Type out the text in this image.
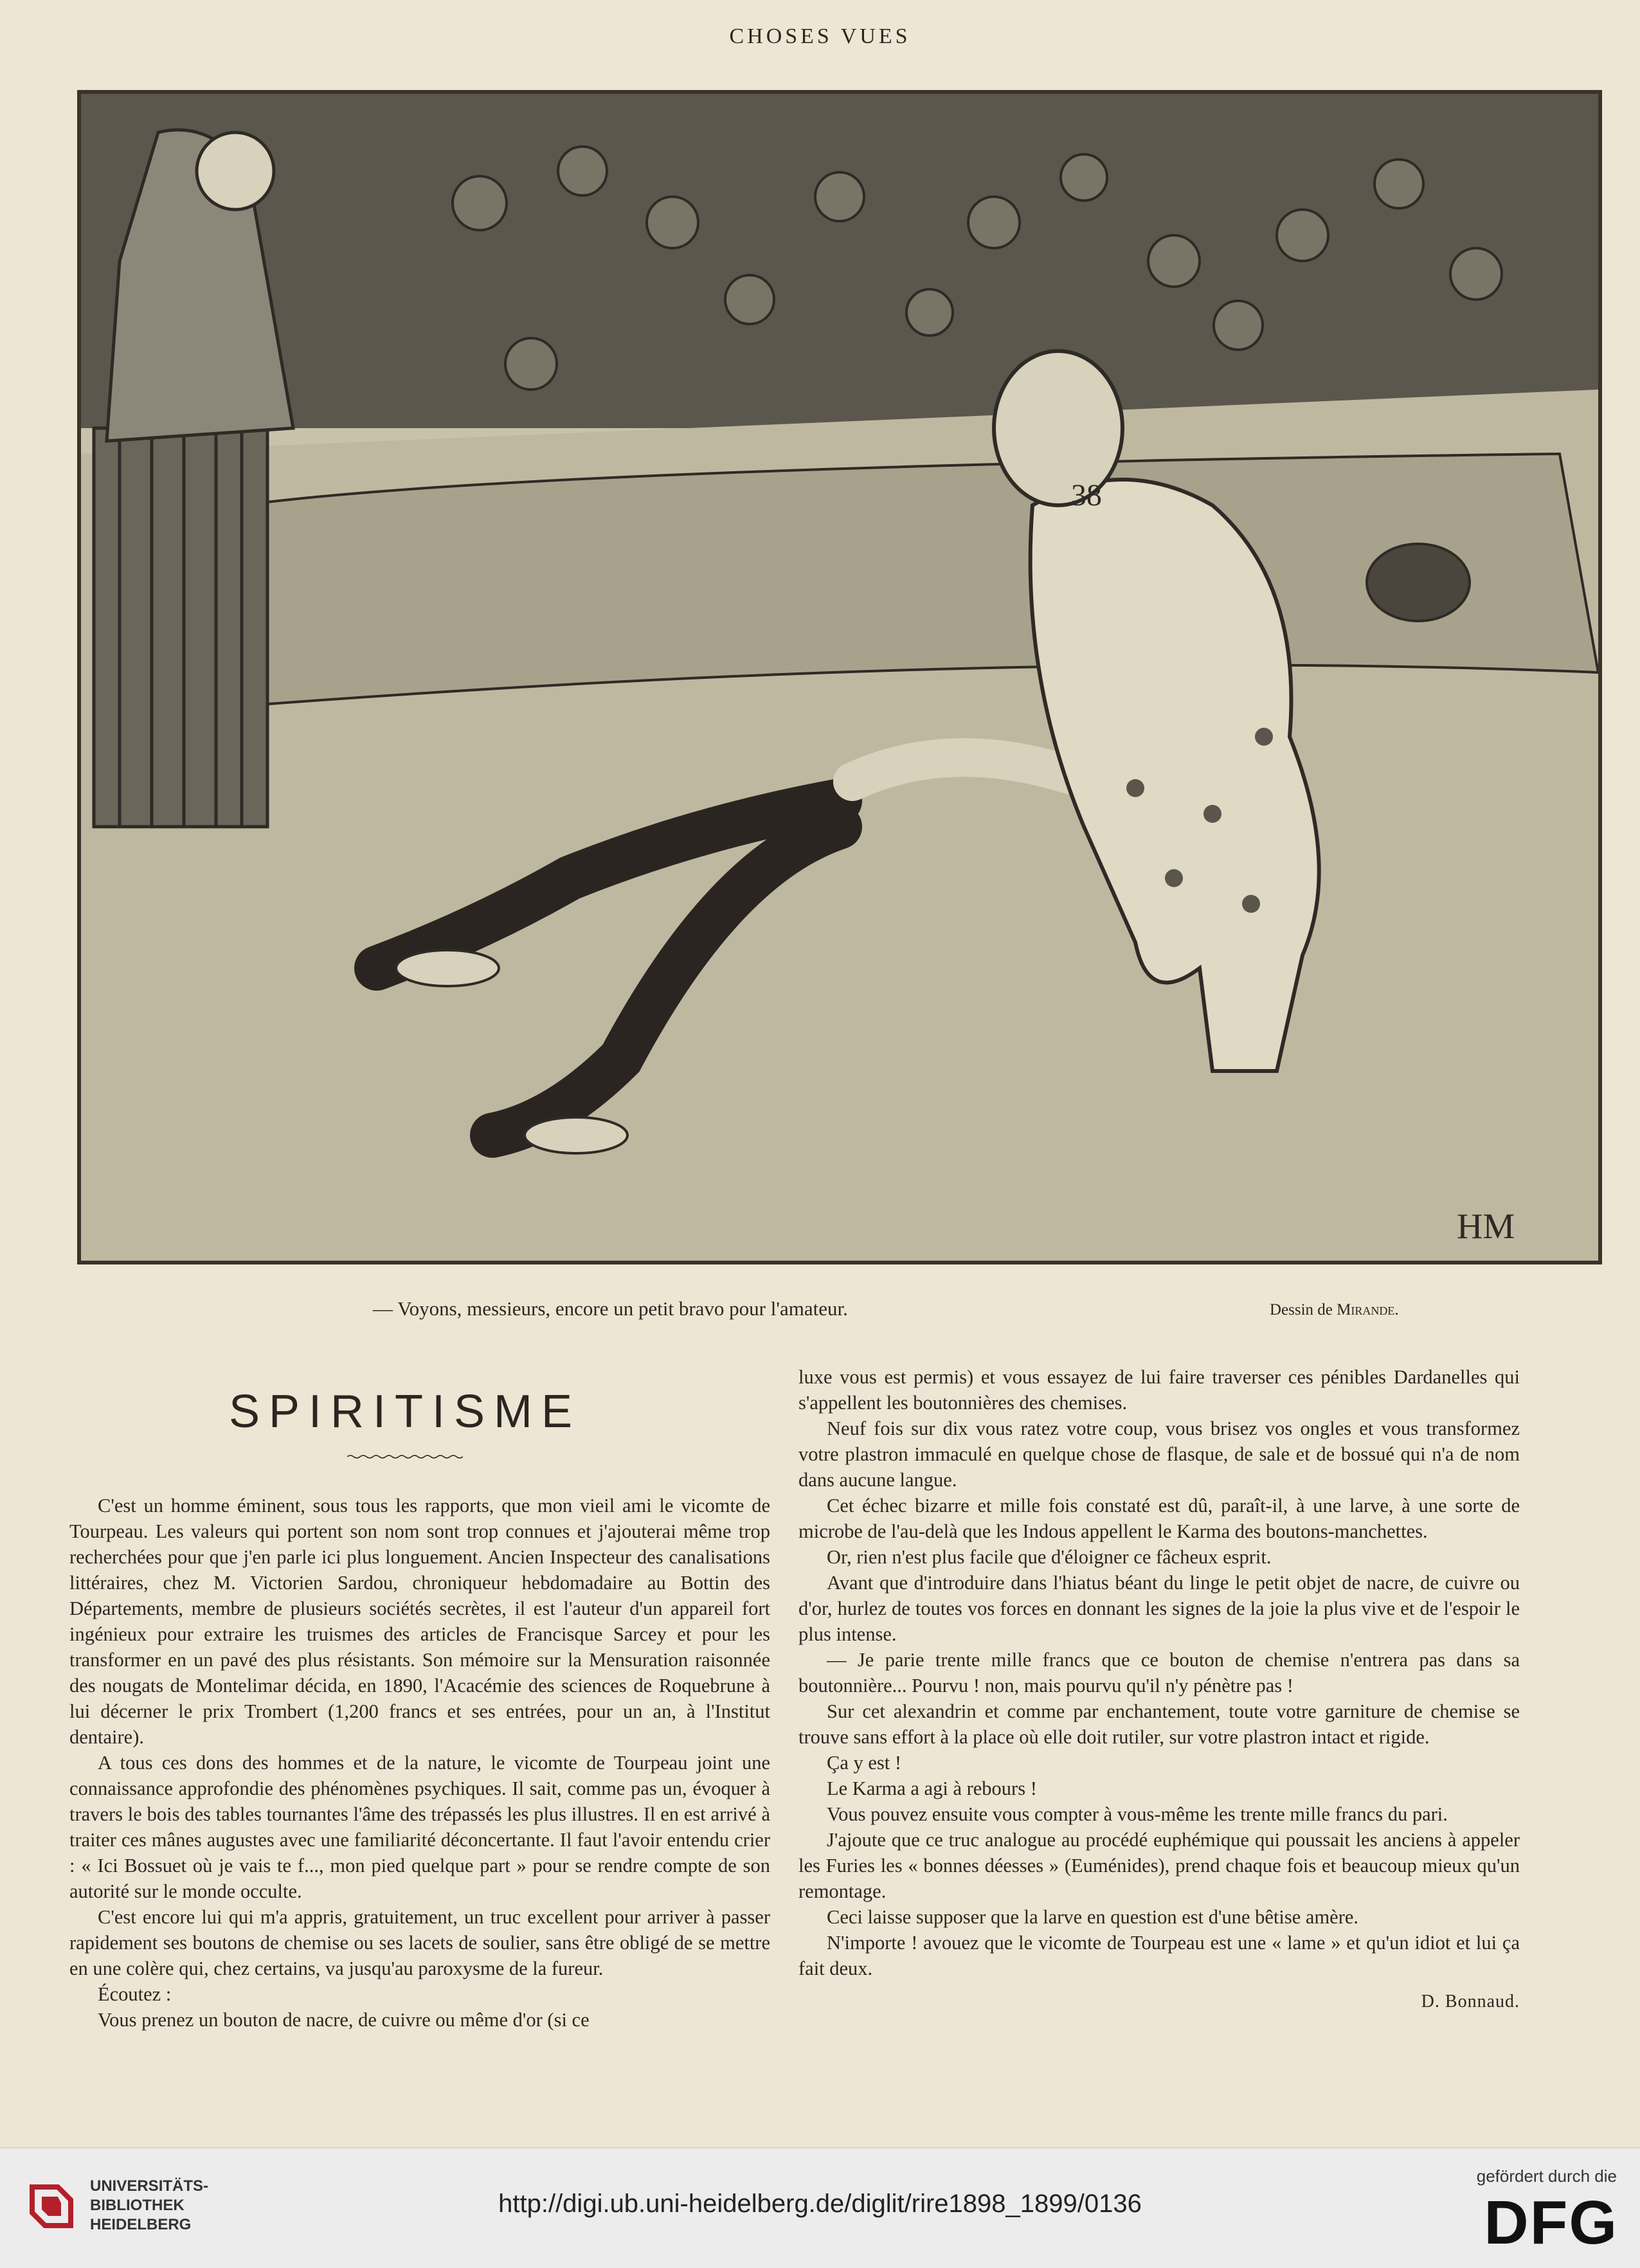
CHOSES VUES
38
HM
— Voyons, messieurs, encore un petit bravo pour l'amateur.	Dessin de Mirande.
SPIRITISME

C'est un homme éminent, sous tous les rapports, que mon vieil ami le vicomte de Tourpeau. Les valeurs qui portent son nom sont trop connues et j'ajouterai même trop recherchées pour que j'en parle ici plus longuement. Ancien Inspecteur des canalisations littéraires, chez M. Victorien Sardou, chroniqueur hebdomadaire au Bottin des Départements, membre de plusieurs sociétés secrètes, il est l'auteur d'un appareil fort ingénieux pour extraire les truismes des articles de Francisque Sarcey et pour les transformer en un pavé des plus résistants. Son mémoire sur la Mensuration raisonnée des nougats de Montelimar décida, en 1890, l'Acacémie des sciences de Roquebrune à lui décerner le prix Trombert (1,200 francs et ses entrées, pour un an, à l'Institut dentaire).

A tous ces dons des hommes et de la nature, le vicomte de Tourpeau joint une connaissance approfondie des phénomènes psychiques. Il sait, comme pas un, évoquer à travers le bois des tables tournantes l'âme des trépassés les plus illustres. Il en est arrivé à traiter ces mânes augustes avec une familiarité déconcertante. Il faut l'avoir entendu crier : « Ici Bossuet où je vais te f..., mon pied quelque part » pour se rendre compte de son autorité sur le monde occulte.

C'est encore lui qui m'a appris, gratuitement, un truc excellent pour arriver à passer rapidement ses boutons de chemise ou ses lacets de soulier, sans être obligé de se mettre en une colère qui, chez certains, va jusqu'au paroxysme de la fureur.

Écoutez :

Vous prenez un bouton de nacre, de cuivre ou même d'or (si ce

luxe vous est permis) et vous essayez de lui faire traverser ces pénibles Dardanelles qui s'appellent les boutonnières des chemises.

Neuf fois sur dix vous ratez votre coup, vous brisez vos ongles et vous transformez votre plastron immaculé en quelque chose de flasque, de sale et de bossué qui n'a de nom dans aucune langue.

Cet échec bizarre et mille fois constaté est dû, paraît-il, à une larve, à une sorte de microbe de l'au-delà que les Indous appellent le Karma des boutons-manchettes.

Or, rien n'est plus facile que d'éloigner ce fâcheux esprit.

Avant que d'introduire dans l'hiatus béant du linge le petit objet de nacre, de cuivre ou d'or, hurlez de toutes vos forces en donnant les signes de la joie la plus vive et de l'espoir le plus intense.

— Je parie trente mille francs que ce bouton de chemise n'entrera pas dans sa boutonnière... Pourvu ! non, mais pourvu qu'il n'y pénètre pas !

Sur cet alexandrin et comme par enchantement, toute votre garniture de chemise se trouve sans effort à la place où elle doit rutiler, sur votre plastron intact et rigide.

Ça y est !

Le Karma a agi à rebours !

Vous pouvez ensuite vous compter à vous-même les trente mille francs du pari.

J'ajoute que ce truc analogue au procédé euphémique qui poussait les anciens à appeler les Furies les « bonnes déesses » (Euménides), prend chaque fois et beaucoup mieux qu'un remontage.

Ceci laisse supposer que la larve en question est d'une bêtise amère.

N'importe ! avouez que le vicomte de Tourpeau est une « lame » et qu'un idiot et lui ça fait deux.

D. Bonnaud.
UNIVERSITÄTS-
BIBLIOTHEK
HEIDELBERG
http://digi.ub.uni-heidelberg.de/diglit/rire1898_1899/0136
gefördert durch die
DFG
